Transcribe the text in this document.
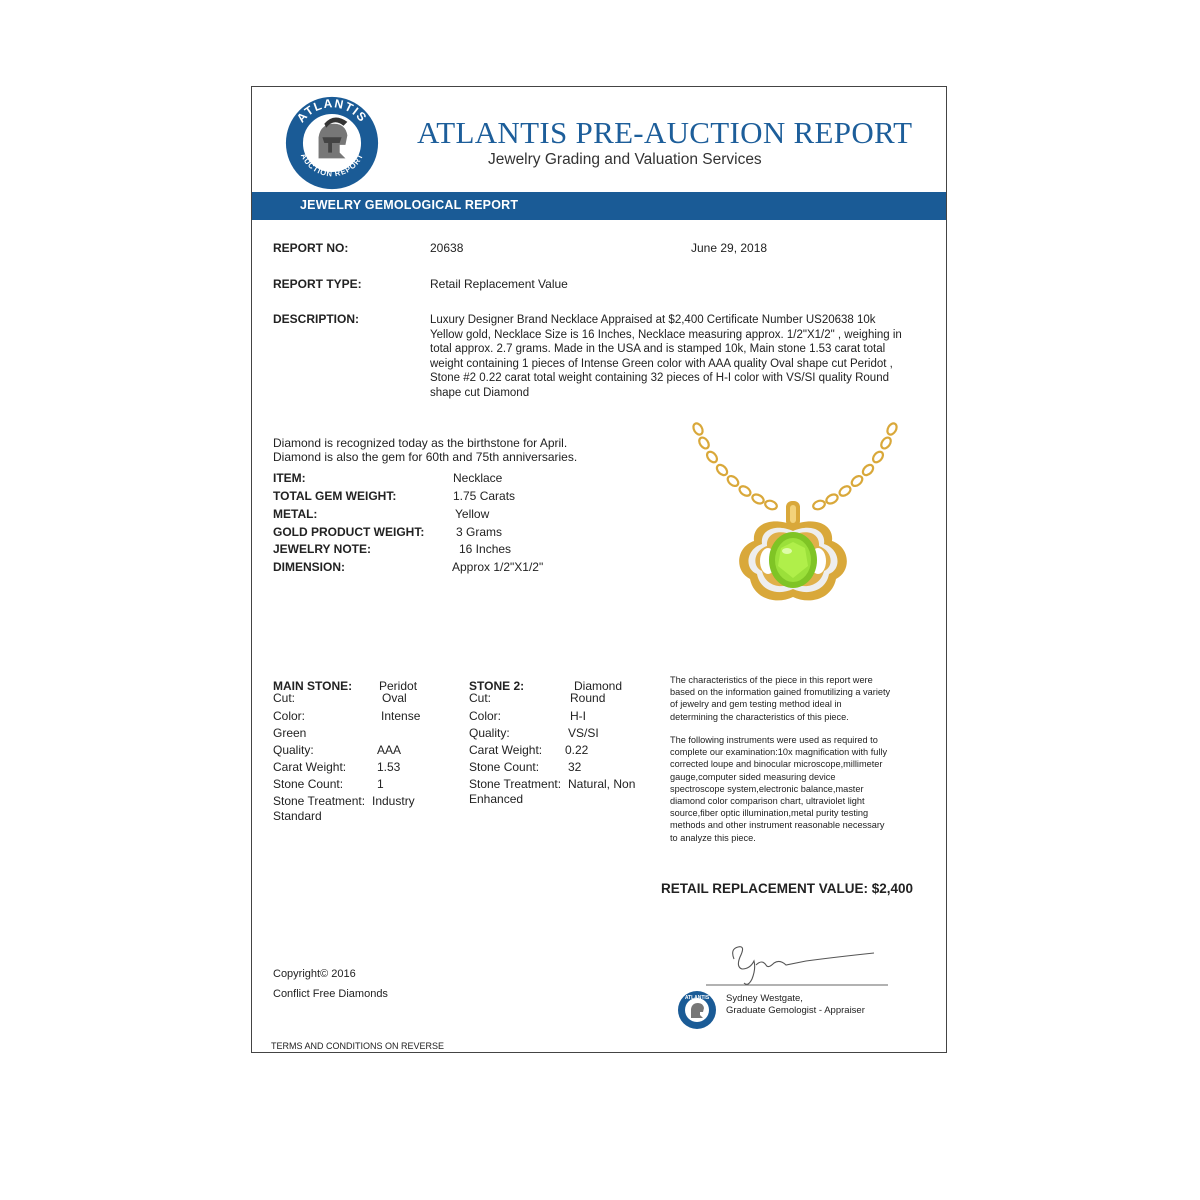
ATLANTIS
AUCTION REPORT
ATLANTIS PRE-AUCTION REPORT
Jewelry Grading and Valuation Services
JEWELRY GEMOLOGICAL REPORT
REPORT NO:	20638	June 29, 2018
REPORT TYPE:	Retail Replacement Value
DESCRIPTION:	Luxury Designer Brand Necklace Appraised at $2,400 Certificate Number US20638 10k Yellow gold, Necklace Size is 16 Inches, Necklace measuring approx. 1/2"X1/2" , weighing in total approx. 2.7 grams. Made in the USA and is stamped 10k, Main stone 1.53 carat total weight containing 1 pieces of Intense Green color with AAA quality Oval shape cut Peridot , Stone #2 0.22 carat total weight containing 32 pieces of H-I color with VS/SI quality Round shape cut Diamond
Diamond is recognized today as the birthstone for April.
Diamond is also the gem for 60th and 75th anniversaries.
ITEM:	Necklace
TOTAL GEM WEIGHT:	1.75 Carats
METAL:	Yellow
GOLD PRODUCT WEIGHT:	3 Grams
JEWELRY NOTE:	16 Inches
DIMENSION:	Approx 1/2"X1/2"
MAIN STONE: Peridot
Cut:	Oval
Color:	Intense
Green
Quality:	AAA
Carat Weight:	1.53
Stone Count:	1
Stone Treatment: Industry
Standard
STONE 2:	Diamond
Cut:	Round
Color:	H-I
Quality:	VS/SI
Carat Weight: 0.22
Stone Count: 32
Stone Treatment: Natural, Non
Enhanced
The characteristics of the piece in this report were
based on the information gained fromutilizing a variety
of jewelry and gem testing method ideal in
determining the characteristics of this piece.
The following instruments were used as required to
complete our examination:10x magnification with fully
corrected loupe and binocular microscope,millimeter
gauge,computer sided measuring device
spectroscope system,electronic balance,master
diamond color comparison chart, ultraviolet light
source,fiber optic illumination,metal purity testing
methods and other instrument reasonable necessary
to analyze this piece.
RETAIL REPLACEMENT VALUE: $2,400
Copyright© 2016
Conflict Free Diamonds
TERMS AND CONDITIONS ON REVERSE
ATLANTIS Sydney Westgate,
Graduate Gemologist - Appraiser
